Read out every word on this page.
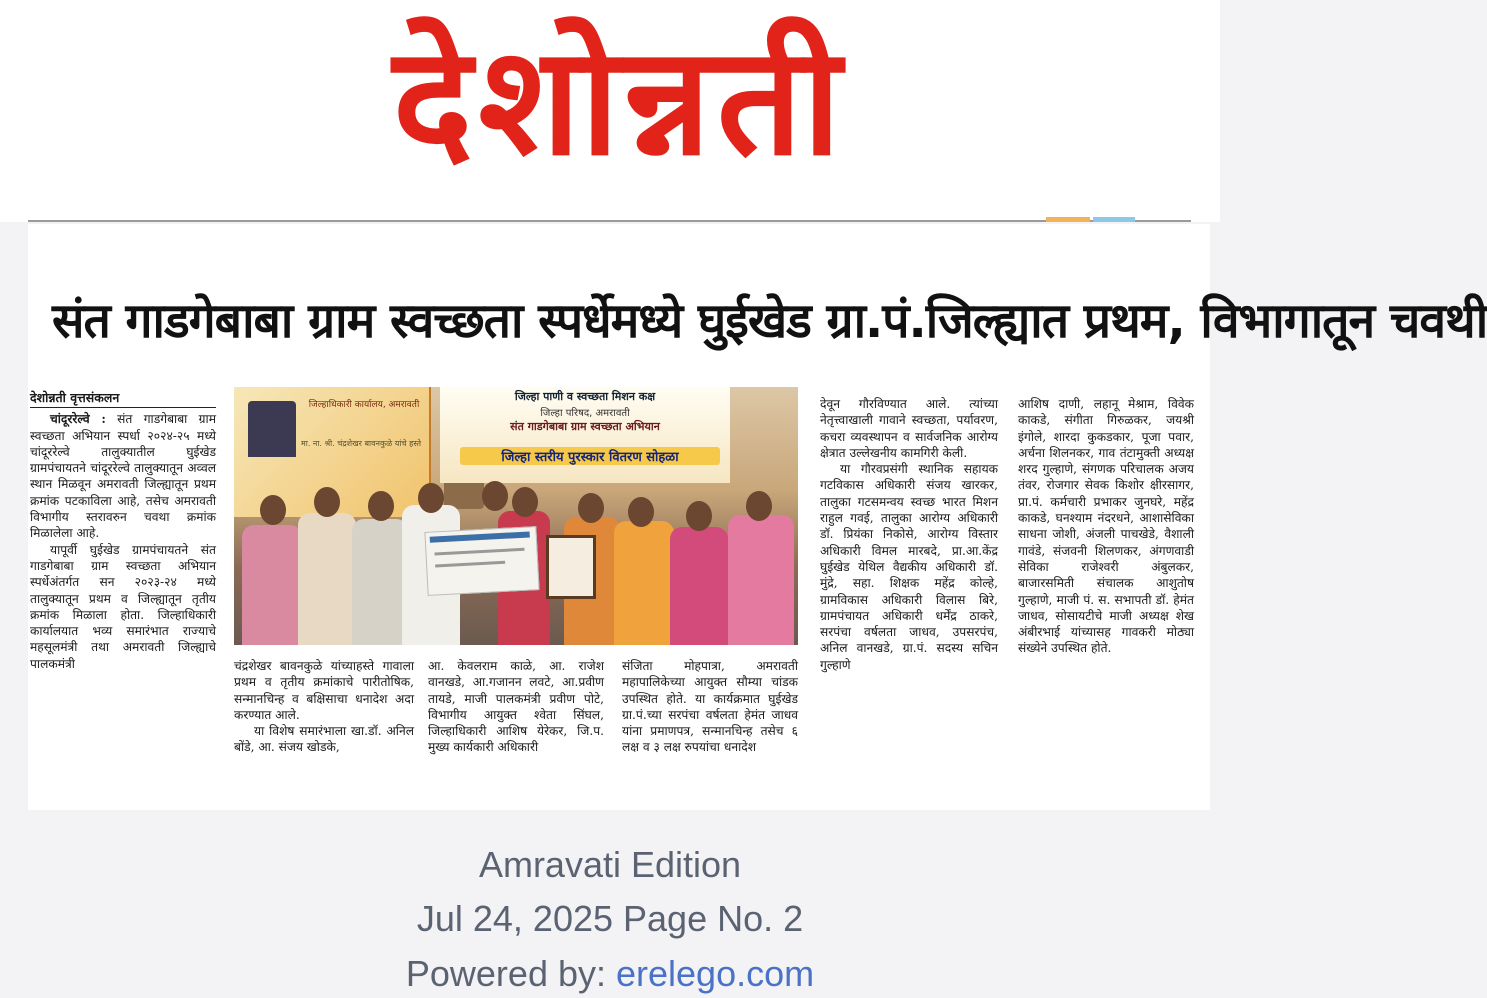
देशोन्नती
संत गाडगेबाबा ग्राम स्वच्छता स्पर्धेमध्ये घुईखेड ग्रा.पं.जिल्ह्यात प्रथम, विभागातून चवथी
देशोन्नती वृत्तसंकलन

चांदूररेल्वे : संत गाडगेबाबा ग्राम स्वच्छता अभियान स्पर्धा २०२४-२५ मध्ये चांदूररेल्वे तालुक्यातील घुईखेड ग्रामपंचायतने चांदूररेल्वे तालुक्यातून अव्वल स्थान मिळवून अमरावती जिल्ह्यातून प्रथम क्रमांक पटकाविला आहे, तसेच अमरावती विभागीय स्तरावरुन चवथा क्रमांक मिळालेला आहे.

यापूर्वी घुईखेड ग्रामपंचायतने संत गाडगेबाबा ग्राम स्वच्छता अभियान स्पर्धेअंतर्गत सन २०२३-२४ मध्ये तालुक्यातून प्रथम व जिल्ह्यातून तृतीय क्रमांक मिळाला होता. जिल्हाधिकारी कार्यालयात भव्य समारंभात राज्याचे महसूलमंत्री तथा अमरावती जिल्ह्याचे पालकमंत्री

जिल्हाधिकारी कार्यालय, अमरावती
मा. ना. श्री. चंद्रशेखर बावनकुळे यांचे हस्ते
जिल्हा पाणी व स्वच्छता मिशन कक्ष
जिल्हा परिषद, अमरावती
संत गाडगेबाबा ग्राम स्वच्छता अभियान
जिल्हा स्तरीय पुरस्कार वितरण सोहळा

चंद्रशेखर बावनकुळे यांच्याहस्ते गावाला प्रथम व तृतीय क्रमांकाचे पारीतोषिक, सन्मानचिन्ह व बक्षिसाचा धनादेश अदा करण्यात आले.

या विशेष समारंभाला खा.डॉ. अनिल बोंडे, आ. संजय खोडके,

आ. केवलराम काळे, आ. राजेश वानखडे, आ.गजानन लवटे, आ.प्रवीण तायडे, माजी पालकमंत्री प्रवीण पोटे, विभागीय आयुक्त श्वेता सिंघल, जिल्हाधिकारी आशिष येरेकर, जि.प. मुख्य कार्यकारी अधिकारी

संजिता मोहपात्रा, अमरावती महापालिकेच्या आयुक्त सौम्या चांडक उपस्थित होते. या कार्यक्रमात घुईखेड ग्रा.पं.च्या सरपंचा वर्षलता हेमंत जाधव यांना प्रमाणपत्र, सन्मानचिन्ह तसेच ६ लक्ष व ३ लक्ष रुपयांचा धनादेश

देवून गौरविण्यात आले. त्यांच्या नेतृत्त्वाखाली गावाने स्वच्छता, पर्यावरण, कचरा व्यवस्थापन व सार्वजनिक आरोग्य क्षेत्रात उल्लेखनीय कामगिरी केली.

या गौरवप्रसंगी स्थानिक सहायक गटविकास अधिकारी संजय खारकर, तालुका गटसमन्वय स्वच्छ भारत मिशन राहुल गवई, तालुका आरोग्य अधिकारी डॉ. प्रियंका निकोसे, आरोग्य विस्तार अधिकारी विमल मारबदे, प्रा.आ.केंद्र घुईखेड येथिल वैद्यकीय अधिकारी डॉ. मुंद्रे, सहा. शिक्षक महेंद्र कोल्हे, ग्रामविकास अधिकारी विलास बिरे, ग्रामपंचायत अधिकारी धर्मेंद्र ठाकरे, सरपंचा वर्षलता जाधव, उपसरपंच, अनिल वानखडे, ग्रा.पं. सदस्य सचिन गुल्हाणे

आशिष दाणी, लहानू मेश्राम, विवेक काकडे, संगीता गिरुळकर, जयश्री इंगोले, शारदा कुकडकार, पूजा पवार, अर्चना शिलनकर, गाव तंटामुक्ती अध्यक्ष शरद गुल्हाणे, संगणक परिचालक अजय तंवर, रोजगार सेवक किशोर क्षीरसागर, प्रा.पं. कर्मचारी प्रभाकर जुनघरे, महेंद्र काकडे, घनश्याम नंदरधने, आशासेविका साधना जोशी, अंजली पाचखेडे, वैशाली गावंडे, संजवनी शिलणकर, अंगणवाडी सेविका राजेश्वरी अंबुलकर, बाजारसमिती संचालक आशुतोष गुल्हाणे, माजी पं. स. सभापती डॉ. हेमंत जाधव, सोसायटीचे माजी अध्यक्ष शेख अंबीरभाई यांच्यासह गावकरी मोठ्या संख्येने उपस्थित होते.

Amravati Edition
Jul 24, 2025 Page No. 2
Powered by: erelego.com
